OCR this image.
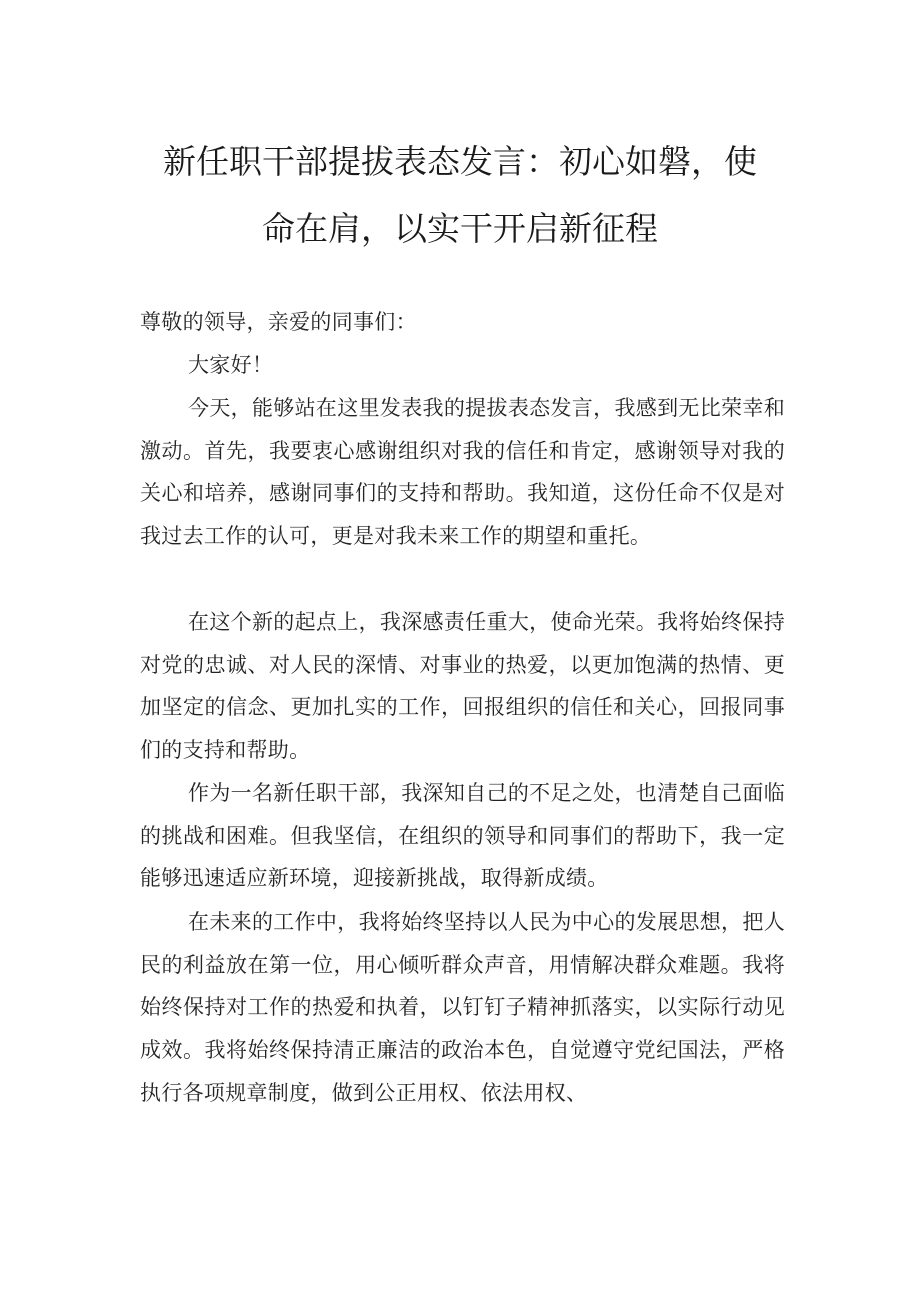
新任职干部提拔表态发言：初心如磐，使
命在肩，以实干开启新征程
尊敬的领导，亲爱的同事们：
大家好！
今天，能够站在这里发表我的提拔表态发言，我感到无比荣幸和激动。首先，我要衷心感谢组织对我的信任和肯定，感谢领导对我的关心和培养，感谢同事们的支持和帮助。我知道，这份任命不仅是对我过去工作的认可，更是对我未来工作的期望和重托。
在这个新的起点上，我深感责任重大，使命光荣。我将始终保持对党的忠诚、对人民的深情、对事业的热爱，以更加饱满的热情、更加坚定的信念、更加扎实的工作，回报组织的信任和关心，回报同事们的支持和帮助。
作为一名新任职干部，我深知自己的不足之处，也清楚自己面临的挑战和困难。但我坚信，在组织的领导和同事们的帮助下，我一定能够迅速适应新环境，迎接新挑战，取得新成绩。
在未来的工作中，我将始终坚持以人民为中心的发展思想，把人民的利益放在第一位，用心倾听群众声音，用情解决群众难题。我将始终保持对工作的热爱和执着，以钉钉子精神抓落实，以实际行动见成效。我将始终保持清正廉洁的政治本色，自觉遵守党纪国法，严格执行各项规章制度，做到公正用权、依法用权、
